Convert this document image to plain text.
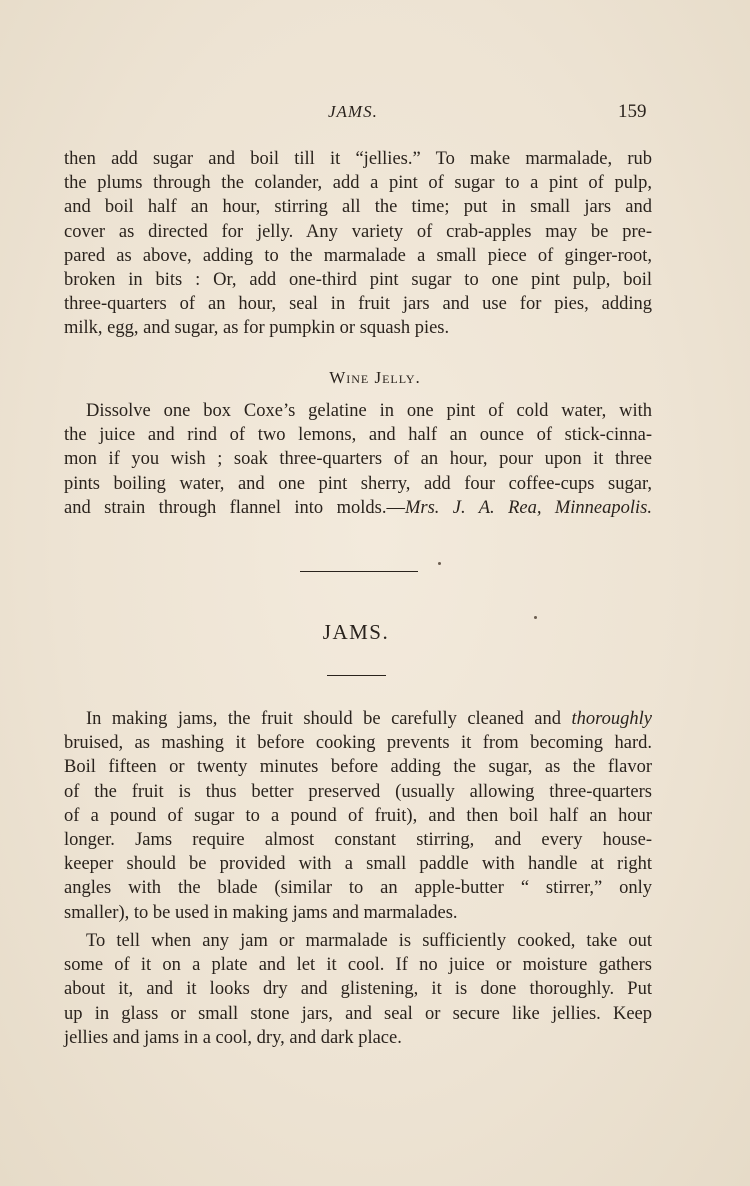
JAMS.	159
then add sugar and boil till it “jellies.” To make marmalade, rub
the plums through the colander, add a pint of sugar to a pint of pulp,
and boil half an hour, stirring all the time; put in small jars and
cover as directed for jelly. Any variety of crab-apples may be pre-
pared as above, adding to the marmalade a small piece of ginger-root,
broken in bits : Or, add one-third pint sugar to one pint pulp, boil
three-quarters of an hour, seal in fruit jars and use for pies, adding
milk, egg, and sugar, as for pumpkin or squash pies.
Wine Jelly.
Dissolve one box Coxe’s gelatine in one pint of cold water, with
the juice and rind of two lemons, and half an ounce of stick-cinna-
mon if you wish ; soak three-quarters of an hour, pour upon it three
pints boiling water, and one pint sherry, add four coffee-cups sugar,
and strain through flannel into molds.—Mrs. J. A. Rea, Minneapolis.
JAMS.
In making jams, the fruit should be carefully cleaned and thoroughly
bruised, as mashing it before cooking prevents it from becoming hard.
Boil fifteen or twenty minutes before adding the sugar, as the flavor
of the fruit is thus better preserved (usually allowing three-quarters
of a pound of sugar to a pound of fruit), and then boil half an hour
longer. Jams require almost constant stirring, and every house-
keeper should be provided with a small paddle with handle at right
angles with the blade (similar to an apple-butter “ stirrer,” only
smaller), to be used in making jams and marmalades.
To tell when any jam or marmalade is sufficiently cooked, take out
some of it on a plate and let it cool. If no juice or moisture gathers
about it, and it looks dry and glistening, it is done thoroughly. Put
up in glass or small stone jars, and seal or secure like jellies. Keep
jellies and jams in a cool, dry, and dark place.
